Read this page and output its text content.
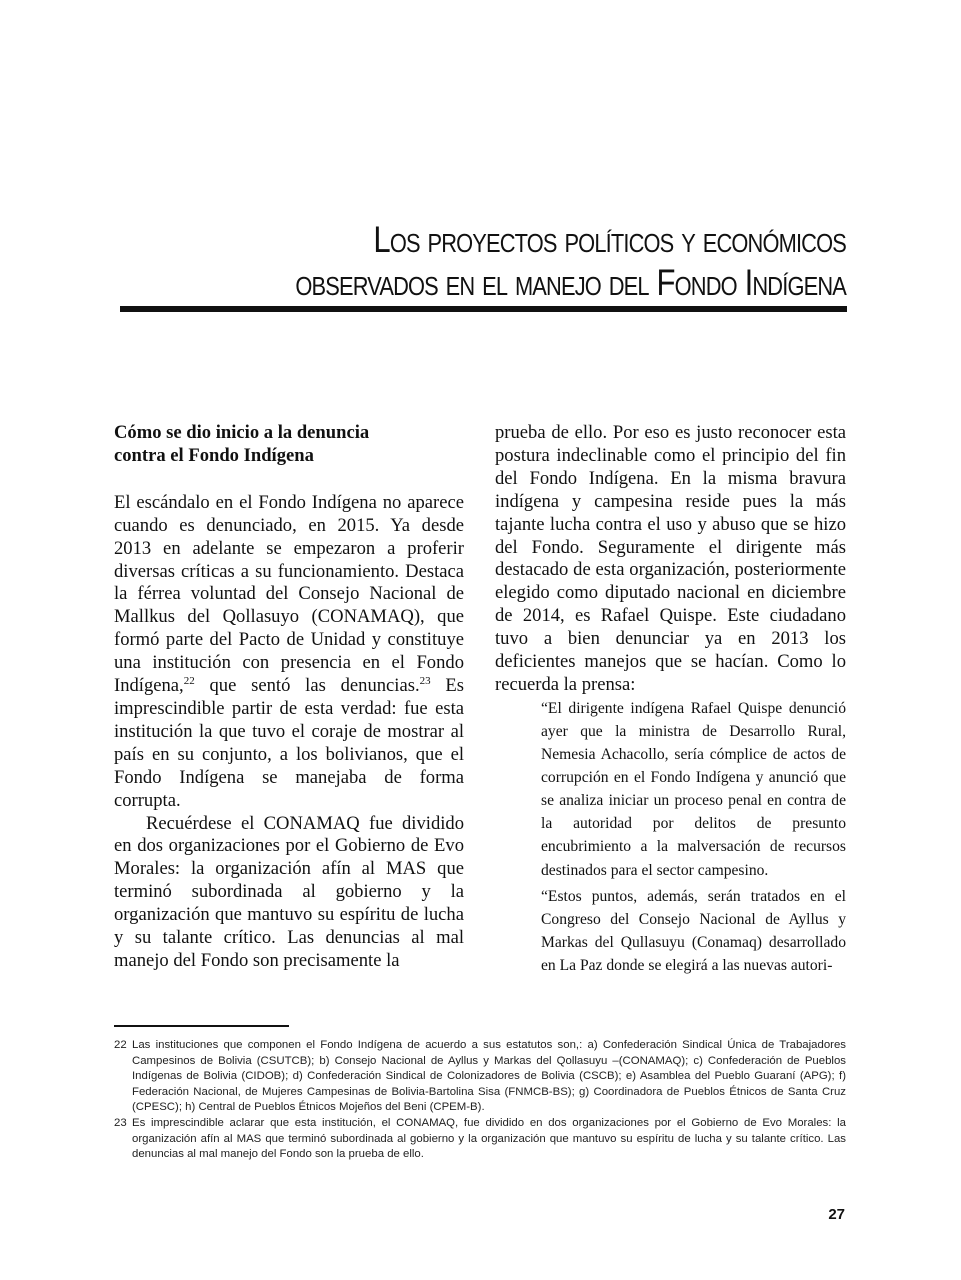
Los proyectos políticos y económicos
observados en el manejo del Fondo Indígena

Cómo se dio inicio a la denuncia
contra el Fondo Indígena

El escándalo en el Fondo Indígena no aparece cuando es denunciado, en 2015. Ya desde 2013 en adelante se empezaron a proferir diversas críticas a su funcionamiento. Destaca la férrea voluntad del Consejo Nacional de Mallkus del Qollasuyo (CONAMAQ), que formó parte del Pacto de Unidad y constituye una institución con presencia en el Fondo Indígena,$^{22}$ que sentó las denuncias.$^{23}$ Es imprescindible partir de esta verdad: fue esta institución la que tuvo el coraje de mostrar al país en su conjunto, a los bolivianos, que el Fondo Indígena se manejaba de forma corrupta.

Recuérdese el CONAMAQ fue dividido en dos organizaciones por el Gobierno de Evo Morales: la organización afín al MAS que terminó subordinada al gobierno y la organización que mantuvo su espíritu de lucha y su talante crítico. Las denuncias al mal manejo del Fondo son precisamente la

prueba de ello. Por eso es justo reconocer esta postura indeclinable como el principio del fin del Fondo Indígena. En la misma bravura indígena y campesina reside pues la más tajante lucha contra el uso y abuso que se hizo del Fondo. Seguramente el dirigente más destacado de esta organización, posteriormente elegido como diputado nacional en diciembre de 2014, es Rafael Quispe. Este ciudadano tuvo a bien denunciar ya en 2013 los deficientes manejos que se hacían. Como lo recuerda la prensa:

“El dirigente indígena Rafael Quispe denunció ayer que la ministra de Desarrollo Rural, Nemesia Achacollo, sería cómplice de actos de corrupción en el Fondo Indígena y anunció que se analiza iniciar un proceso penal en contra de la autoridad por delitos de presunto encubrimiento a la malversación de recursos destinados para el sector campesino.

“Estos puntos, además, serán tratados en el Congreso del Consejo Nacional de Ayllus y Markas del Qullasuyu (Conamaq) desarrollado en La Paz donde se elegirá a las nuevas autori-

22 Las instituciones que componen el Fondo Indígena de acuerdo a sus estatutos son,: a) Confederación Sindical Única de Trabajadores Campesinos de Bolivia (CSUTCB); b) Consejo Nacional de Ayllus y Markas del Qollasuyu –(CONAMAQ); c) Confederación de Pueblos Indígenas de Bolivia (CIDOB); d) Confederación Sindical de Colonizadores de Bolivia (CSCB); e) Asamblea del Pueblo Guaraní (APG); f) Federación Nacional, de Mujeres Campesinas de Bolivia-Bartolina Sisa (FNMCB-BS); g) Coordinadora de Pueblos Étnicos de Santa Cruz (CPESC); h) Central de Pueblos Étnicos Mojeños del Beni (CPEM-B).
23 Es imprescindible aclarar que esta institución, el CONAMAQ, fue dividido en dos organizaciones por el Gobierno de Evo Morales: la organización afín al MAS que terminó subordinada al gobierno y la organización que mantuvo su espíritu de lucha y su talante crítico. Las denuncias al mal manejo del Fondo son la prueba de ello.
27
